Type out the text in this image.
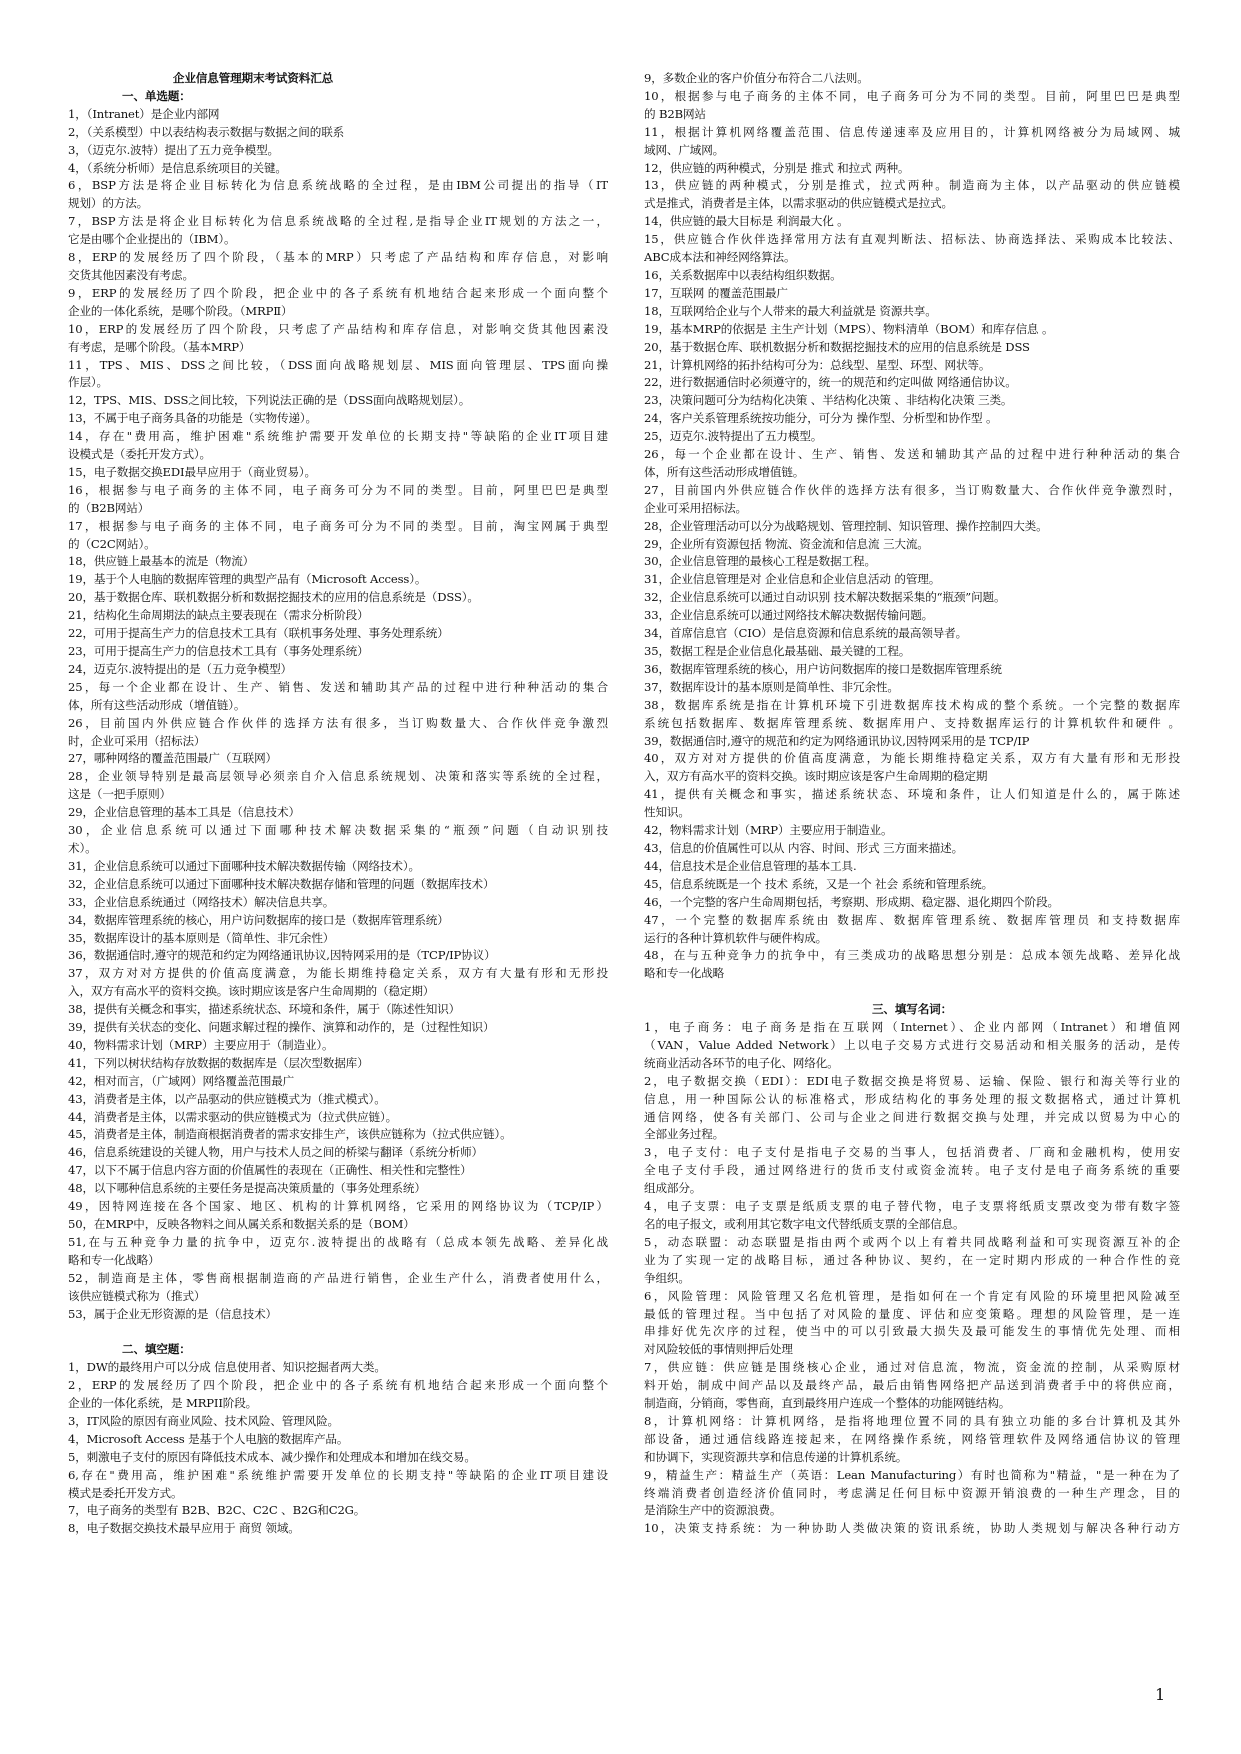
企业信息管理期末考试资料汇总
一、单选题：
1，（Intranet）是企业内部网
2，（关系模型）中以表结构表示数据与数据之间的联系
3，（迈克尔.波特）提出了五力竞争模型。
4，（系统分析师）是信息系统项目的关键。
6，BSP方法是将企业目标转化为信息系统战略的全过程，是由IBM公司提出的指导（IT
规划）的方法。
7，BSP方法是将企业目标转化为信息系统战略的全过程,是指导企业IT规划的方法之一，
它是由哪个企业提出的（IBM）。
8，ERP的发展经历了四个阶段，（基本的MRP）只考虑了产品结构和库存信息，对影响
交货其他因素没有考虑。
9，ERP的发展经历了四个阶段，把企业中的各子系统有机地结合起来形成一个面向整个
企业的一体化系统，是哪个阶段。（MRPⅡ）
10，ERP的发展经历了四个阶段，只考虑了产品结构和库存信息，对影响交货其他因素没
有考虑，是哪个阶段。（基本MRP）
11，TPS、MIS、DSS之间比较，（DSS面向战略规划层、MIS面向管理层、TPS面向操
作层）。
12，TPS、MIS、DSS之间比较，下列说法正确的是（DSS面向战略规划层）。
13，不属于电子商务具备的功能是（实物传递）。
14，存在"费用高，维护困难"系统维护需要开发单位的长期支持"等缺陷的企业IT项目建
设模式是（委托开发方式）。
15，电子数据交换EDI最早应用于（商业贸易）。
16，根据参与电子商务的主体不同，电子商务可分为不同的类型。目前，阿里巴巴是典型
的（B2B网站）
17，根据参与电子商务的主体不同，电子商务可分为不同的类型。目前，淘宝网属于典型
的（C2C网站）。
18，供应链上最基本的流是（物流）
19，基于个人电脑的数据库管理的典型产品有（Microsoft Access）。
20，基于数据仓库、联机数据分析和数据挖掘技术的应用的信息系统是（DSS）。
21，结构化生命周期法的缺点主要表现在（需求分析阶段）
22，可用于提高生产力的信息技术工具有（联机事务处理、事务处理系统）
23，可用于提高生产力的信息技术工具有（事务处理系统）
24，迈克尔.波特提出的是（五力竞争模型）
25，每一个企业都在设计、生产、销售、发送和辅助其产品的过程中进行种种活动的集合
体，所有这些活动形成（增值链）。
26，目前国内外供应链合作伙伴的选择方法有很多，当订购数量大、合作伙伴竞争激烈
时，企业可采用（招标法）
27，哪种网络的覆盖范围最广（互联网）
28，企业领导特别是最高层领导必须亲自介入信息系统规划、决策和落实等系统的全过程，
这是（一把手原则）
29，企业信息管理的基本工具是（信息技术）
30，企业信息系统可以通过下面哪种技术解决数据采集的“瓶颈”问题（自动识别技
术）。
31，企业信息系统可以通过下面哪种技术解决数据传输（网络技术）。
32，企业信息系统可以通过下面哪种技术解决数据存储和管理的问题（数据库技术）
33，企业信息系统通过（网络技术）解决信息共享。
34，数据库管理系统的核心，用户访问数据库的接口是（数据库管理系统）
35，数据库设计的基本原则是（简单性、非冗余性）
36，数据通信时,遵守的规范和约定为网络通讯协议,因特网采用的是（TCP/IP协议）
37，双方对对方提供的价值高度满意，为能长期维持稳定关系，双方有大量有形和无形投
入，双方有高水平的资料交换。该时期应该是客户生命周期的（稳定期）
38，提供有关概念和事实，描述系统状态、环境和条件，属于（陈述性知识）
39，提供有关状态的变化、问题求解过程的操作、演算和动作的，是（过程性知识）
40，物料需求计划（MRP）主要应用于（制造业）。
41，下列以树状结构存放数据的数据库是（层次型数据库）
42，相对而言，（广域网）网络覆盖范围最广
43，消费者是主体，以产品驱动的供应链模式为（推式模式）。
44，消费者是主体，以需求驱动的供应链模式为（拉式供应链）。
45，消费者是主体，制造商根据消费者的需求安排生产，该供应链称为（拉式供应链）。
46，信息系统建设的关键人物，用户与技术人员之间的桥梁与翻译（系统分析师）
47，以下不属于信息内容方面的价值属性的表现在（正确性、相关性和完整性）
48，以下哪种信息系统的主要任务是提高决策质量的（事务处理系统）
49，因特网连接在各个国家、地区、机构的计算机网络，它采用的网络协议为（TCP/IP）
50，在MRP中，反映各物料之间从属关系和数据关系的是（BOM）
51,在与五种竞争力量的抗争中，迈克尔.波特提出的战略有（总成本领先战略、差异化战
略和专一化战略）
52，制造商是主体，零售商根据制造商的产品进行销售，企业生产什么，消费者使用什么，
该供应链模式称为（推式）
53，属于企业无形资源的是（信息技术）
二、填空题：
1，DW的最终用户可以分成 信息使用者、知识挖掘者两大类。
2，ERP的发展经历了四个阶段，把企业中的各子系统有机地结合起来形成一个面向整个
企业的一体化系统，是 MRPII阶段。
3，IT风险的原因有商业风险、技术风险、管理风险。
4，Microsoft Access 是基于个人电脑的数据库产品。
5，刺激电子支付的原因有降低技术成本、减少操作和处理成本和增加在线交易。
6,存在"费用高，维护困难"系统维护需要开发单位的长期支持"等缺陷的企业IT项目建设
模式是委托开发方式。
7，电子商务的类型有 B2B、B2C、C2C 、B2G和C2G。
8，电子数据交换技术最早应用于 商贸 领域。
9，多数企业的客户价值分布符合二八法则。
10，根据参与电子商务的主体不同，电子商务可分为不同的类型。目前，阿里巴巴是典型
的 B2B网站
11，根据计算机网络覆盖范围、信息传递速率及应用目的，计算机网络被分为局域网、城
域网、广域网。
12，供应链的两种模式，分别是 推式 和拉式 两种。
13，供应链的两种模式，分别是推式，拉式两种。制造商为主体，以产品驱动的供应链模
式是推式，消费者是主体，以需求驱动的供应链模式是拉式。
14，供应链的最大目标是 利润最大化 。
15，供应链合作伙伴选择常用方法有直观判断法、招标法、协商选择法、采购成本比较法、
ABC成本法和神经网络算法。
16，关系数据库中以表结构组织数据。
17，互联网 的覆盖范围最广
18，互联网给企业与个人带来的最大利益就是 资源共享。
19，基本MRP的依据是 主生产计划（MPS）、物料清单（BOM）和库存信息 。
20，基于数据仓库、联机数据分析和数据挖掘技术的应用的信息系统是 DSS
21，计算机网络的拓扑结构可分为：总线型、星型、环型、网状等。
22，进行数据通信时必须遵守的，统一的规范和约定叫做 网络通信协议。
23，决策问题可分为结构化决策 、半结构化决策 、非结构化决策 三类。
24，客户关系管理系统按功能分，可分为 操作型、分析型和协作型 。
25，迈克尔.波特提出了五力模型。
26，每一个企业都在设计、生产、销售、发送和辅助其产品的过程中进行种种活动的集合
体，所有这些活动形成增值链。
27，目前国内外供应链合作伙伴的选择方法有很多，当订购数量大、合作伙伴竞争激烈时，
企业可采用招标法。
28，企业管理活动可以分为战略规划、管理控制、知识管理、操作控制四大类。
29，企业所有资源包括 物流、资金流和信息流 三大流。
30，企业信息管理的最核心工程是数据工程。
31，企业信息管理是对 企业信息和企业信息活动 的管理。
32，企业信息系统可以通过自动识别 技术解决数据采集的“瓶颈”问题。
33，企业信息系统可以通过网络技术解决数据传输问题。
34，首席信息官（CIO）是信息资源和信息系统的最高领导者。
35，数据工程是企业信息化最基础、最关键的工程。
36，数据库管理系统的核心，用户访问数据库的接口是数据库管理系统
37，数据库设计的基本原则是简单性、非冗余性。
38，数据库系统是指在计算机环境下引进数据库技术构成的整个系统。一个完整的数据库
系统包括数据库、数据库管理系统、数据库用户、支持数据库运行的计算机软件和硬件 。
39，数据通信时,遵守的规范和约定为网络通讯协议,因特网采用的是 TCP/IP
40，双方对对方提供的价值高度满意，为能长期维持稳定关系，双方有大量有形和无形投
入，双方有高水平的资料交换。该时期应该是客户生命周期的稳定期
41，提供有关概念和事实，描述系统状态、环境和条件，让人们知道是什么的，属于陈述
性知识。
42，物料需求计划（MRP）主要应用于制造业。
43，信息的价值属性可以从 内容、时间、形式 三方面来描述。
44，信息技术是企业信息管理的基本工具.
45，信息系统既是一个 技术 系统，又是一个 社会 系统和管理系统。
46，一个完整的客户生命周期包括，考察期、形成期、稳定器、退化期四个阶段。
47，一个完整的数据库系统由 数据库、数据库管理系统、数据库管理员 和支持数据库
运行的各种计算机软件与硬件构成。
48，在与五种竞争力的抗争中，有三类成功的战略思想分别是：总成本领先战略、差异化战
略和专一化战略
三、填写名词：
1，电子商务：电子商务是指在互联网（Internet）、企业内部网（Intranet）和增值网
（VAN，Value Added Network）上以电子交易方式进行交易活动和相关服务的活动，是传
统商业活动各环节的电子化、网络化。
2，电子数据交换（EDI）：EDI电子数据交换是将贸易、运输、保险、银行和海关等行业的
信息，用一种国际公认的标准格式，形成结构化的事务处理的报文数据格式，通过计算机
通信网络，使各有关部门、公司与企业之间进行数据交换与处理，并完成以贸易为中心的
全部业务过程。
3，电子支付：电子支付是指电子交易的当事人，包括消费者、厂商和金融机构，使用安
全电子支付手段，通过网络进行的货币支付或资金流转。电子支付是电子商务系统的重要
组成部分。
4，电子支票：电子支票是纸质支票的电子替代物，电子支票将纸质支票改变为带有数字签
名的电子报文，或利用其它数字电文代替纸质支票的全部信息。
5，动态联盟：动态联盟是指由两个或两个以上有着共同战略利益和可实现资源互补的企
业为了实现一定的战略目标，通过各种协议、契约，在一定时期内形成的一种合作性的竞
争组织。
6，风险管理：风险管理又名危机管理，是指如何在一个肯定有风险的环境里把风险减至
最低的管理过程。当中包括了对风险的量度、评估和应变策略。理想的风险管理，是一连
串排好优先次序的过程，使当中的可以引致最大损失及最可能发生的事情优先处理、而相
对风险较低的事情则押后处理
7，供应链：供应链是围绕核心企业，通过对信息流，物流，资金流的控制，从采购原材
料开始，制成中间产品以及最终产品，最后由销售网络把产品送到消费者手中的将供应商，
制造商，分销商，零售商，直到最终用户连成一个整体的功能网链结构。
8，计算机网络：计算机网络，是指将地理位置不同的具有独立功能的多台计算机及其外
部设备，通过通信线路连接起来，在网络操作系统，网络管理软件及网络通信协议的管理
和协调下，实现资源共享和信息传递的计算机系统。
9，精益生产：精益生产（英语：Lean Manufacturing）有时也简称为"精益，"是一种在为了
终端消费者创造经济价值同时，考虑满足任何目标中资源开销浪费的一种生产理念，目的
是消除生产中的资源浪费。
10，决策支持系统：为一种协助人类做决策的资讯系统，协助人类规划与解决各种行动方
1
